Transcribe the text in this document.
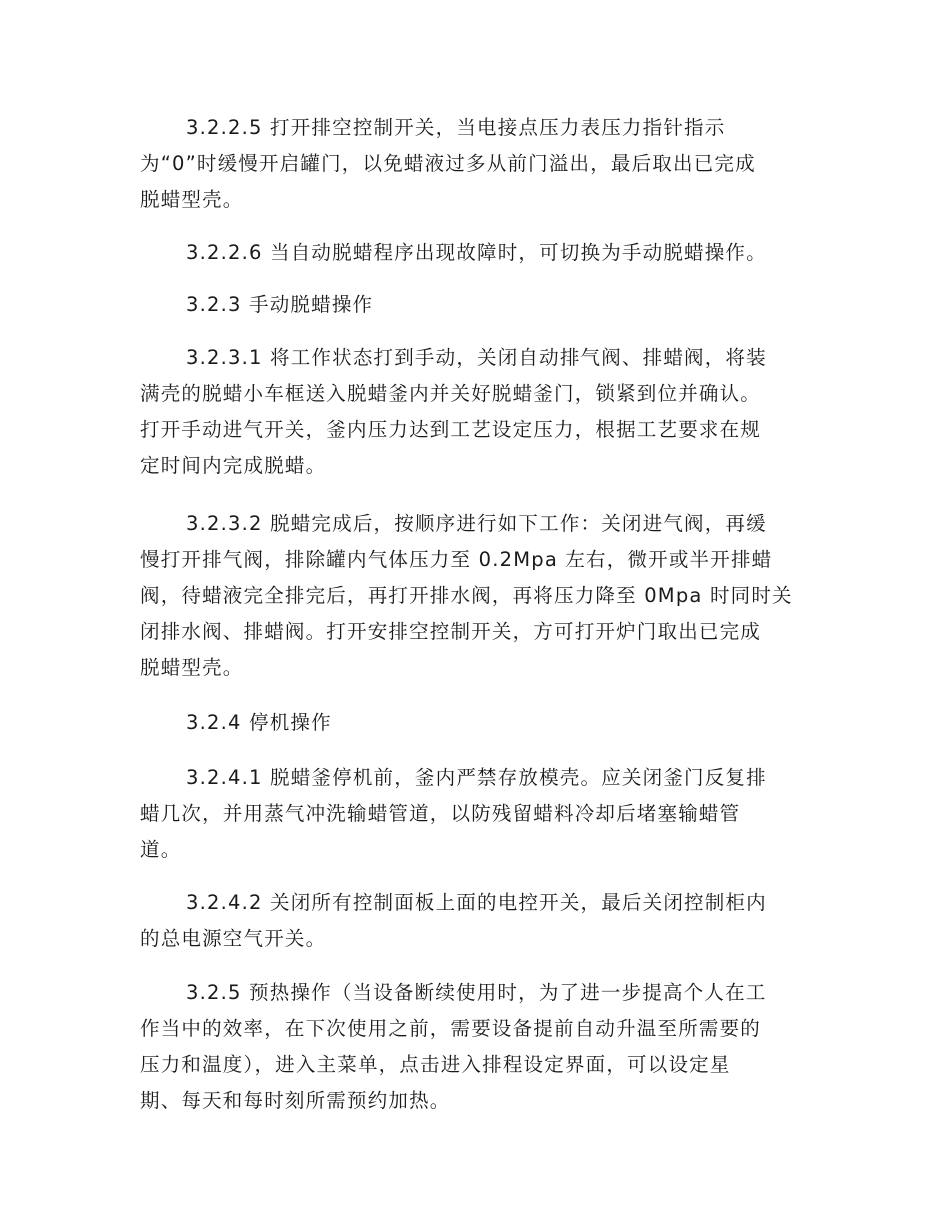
3.2.2.5 打开排空控制开关，当电接点压力表压力指针指示
为“0”时缓慢开启罐门，以免蜡液过多从前门溢出，最后取出已完成
脱蜡型壳。
3.2.2.6 当自动脱蜡程序出现故障时，可切换为手动脱蜡操作。
3.2.3 手动脱蜡操作
3.2.3.1 将工作状态打到手动，关闭自动排气阀、排蜡阀，将装
满壳的脱蜡小车框送入脱蜡釜内并关好脱蜡釜门，锁紧到位并确认。
打开手动进气开关，釜内压力达到工艺设定压力，根据工艺要求在规
定时间内完成脱蜡。
3.2.3.2 脱蜡完成后，按顺序进行如下工作：关闭进气阀，再缓
慢打开排气阀，排除罐内气体压力至 0.2Mpa 左右，微开或半开排蜡
阀，待蜡液完全排完后，再打开排水阀，再将压力降至 0Mpa 时同时关
闭排水阀、排蜡阀。打开安排空控制开关，方可打开炉门取出已完成
脱蜡型壳。
3.2.4 停机操作
3.2.4.1 脱蜡釜停机前，釜内严禁存放模壳。应关闭釜门反复排
蜡几次，并用蒸气冲洗输蜡管道，以防残留蜡料冷却后堵塞输蜡管
道。
3.2.4.2 关闭所有控制面板上面的电控开关，最后关闭控制柜内
的总电源空气开关。
3.2.5 预热操作（当设备断续使用时，为了进一步提高个人在工
作当中的效率，在下次使用之前，需要设备提前自动升温至所需要的
压力和温度），进入主菜单，点击进入排程设定界面，可以设定星
期、每天和每时刻所需预约加热。
